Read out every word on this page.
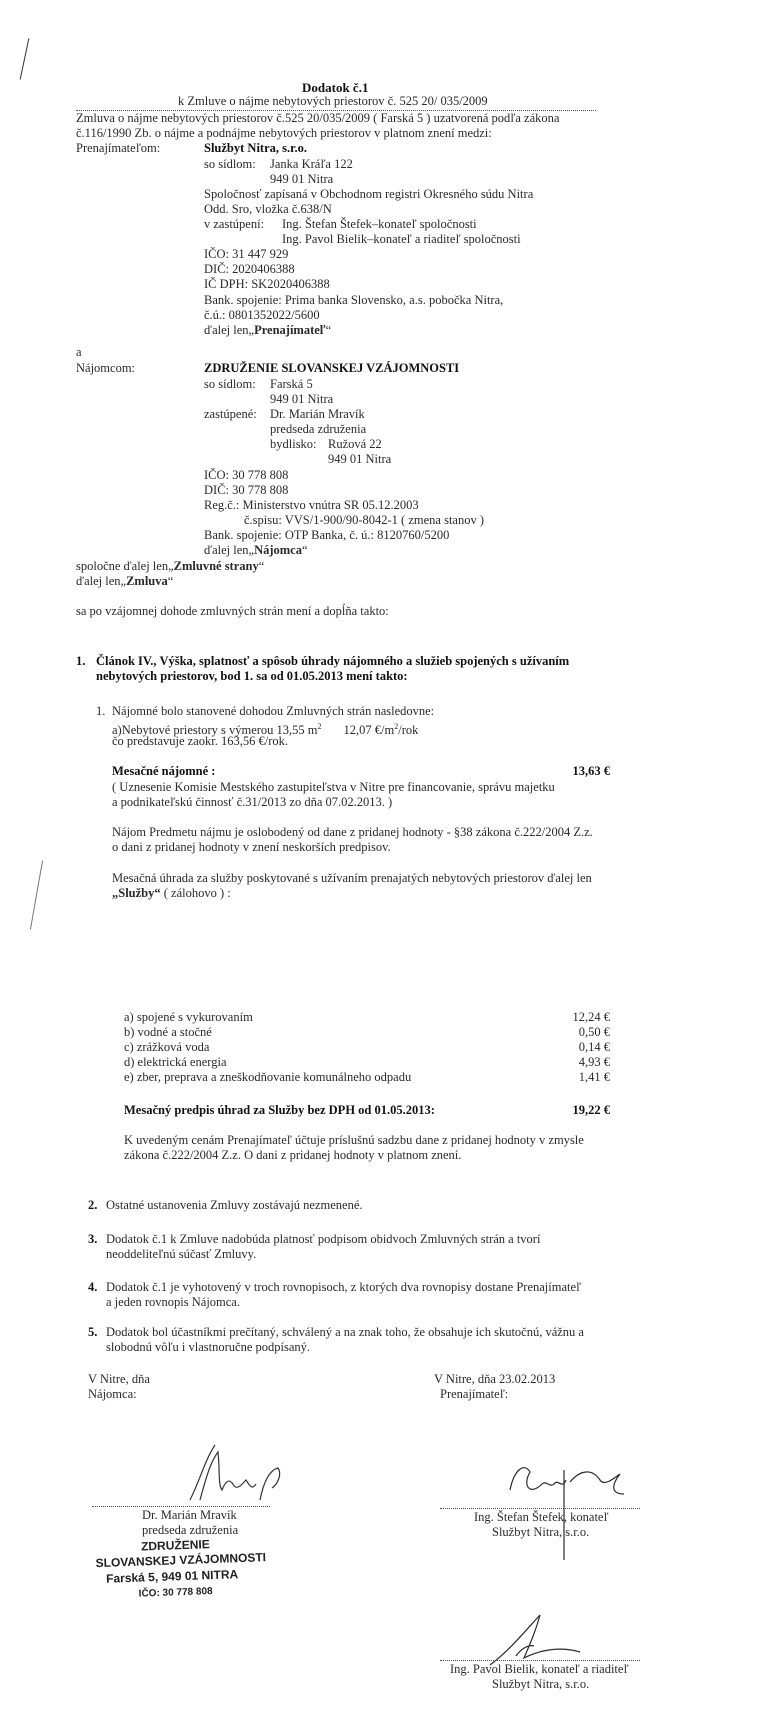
Dodatok č.1
k Zmluve o nájme nebytových priestorov č. 525 20/ 035/2009
Zmluva o nájme nebytových priestorov č.525 20/035/2009 ( Farská 5 ) uzatvorená podľa zákona
č.116/1990 Zb. o nájme a podnájme nebytových priestorov v platnom znení medzi:
Prenajímateľom:	Službyt Nitra, s.r.o.
so sídlom: Janka Kráľa 122
949 01 Nitra
Spoločnosť zapísaná v Obchodnom registri Okresného súdu Nitra
Odd. Sro, vložka č.638/N
v zastúpení: Ing. Štefan Štefek–konateľ spoločnosti
Ing. Pavol Bielik–konateľ a riaditeľ spoločnosti
IČO: 31 447 929
DIČ: 2020406388
IČ DPH: SK2020406388
Bank. spojenie: Prima banka Slovensko, a.s. pobočka Nitra,
č.ú.: 0801352022/5600
ďalej len„Prenajímateľ“
a
Nájomcom:	ZDRUŽENIE SLOVANSKEJ VZÁJOMNOSTI
so sídlom: Farská 5
949 01 Nitra
zastúpené: Dr. Marián Mravík
predseda združenia
bydlisko: Ružová 22
949 01 Nitra
IČO: 30 778 808
DIČ: 30 778 808
Reg.č.: Ministerstvo vnútra SR 05.12.2003
č.spisu: VVS/1-900/90-8042-1 ( zmena stanov )
Bank. spojenie: OTP Banka, č. ú.: 8120760/5200
ďalej len„Nájomca“
spoločne ďalej len„Zmluvné strany“
ďalej len„Zmluva“
sa po vzájomnej dohode zmluvných strán mení a dopĺňa takto:
1. Článok IV., Výška, splatnosť a spôsob úhrady nájomného a služieb spojených s užívaním
nebytových priestorov, bod 1. sa od 01.05.2013 mení takto:
1. Nájomné bolo stanovené dohodou Zmluvných strán nasledovne:
a)Nebytové priestory s výmerou 13,55 $m^2$ 12,07 $€/m^2$/rok
čo predstavuje zaokr. 163,56 €/rok.
Mesačné nájomné :	13,63 €
( Uznesenie Komisie Mestského zastupiteľstva v Nitre pre financovanie, správu majetku
a podnikateľskú činnosť č.31/2013 zo dňa 07.02.2013. )
Nájom Predmetu nájmu je oslobodený od dane z pridanej hodnoty - §38 zákona č.222/2004 Z.z.
o dani z pridanej hodnoty v znení neskorších predpisov.
Mesačná úhrada za služby poskytované s užívaním prenajatých nebytových priestorov ďalej len
„Služby“ ( zálohovo ) :
a) spojené s vykurovaním	12,24 €
b) vodné a stočné	0,50 €
c) zrážková voda	0,14 €
d) elektrická energia	4,93 €
e) zber, preprava a zneškodňovanie komunálneho odpadu	1,41 €
Mesačný predpis úhrad za Služby bez DPH od 01.05.2013:	19,22 €
K uvedeným cenám Prenajímateľ účtuje príslušnú sadzbu dane z pridanej hodnoty v zmysle
zákona č.222/2004 Z.z. O dani z pridanej hodnoty v platnom znení.
2. Ostatné ustanovenia Zmluvy zostávajú nezmenené.
3. Dodatok č.1 k Zmluve nadobúda platnosť podpisom obidvoch Zmluvných strán a tvorí
neoddeliteľnú súčasť Zmluvy.
4. Dodatok č.1 je vyhotovený v troch rovnopisoch, z ktorých dva rovnopisy dostane Prenajímateľ
a jeden rovnopis Nájomca.
5. Dodatok bol účastníkmi prečítaný, schválený a na znak toho, že obsahuje ich skutočnú, vážnu a
slobodnú vôľu i vlastnoručne podpísaný.
V Nitre, dňa
Nájomca:
V Nitre, dňa 23.02.2013
Prenajímateľ:
Dr. Marián Mravík
predseda združenia
ZDRUŽENIE
SLOVANSKEJ VZÁJOMNOSTI
Farská 5, 949 01 NITRA
IČO: 30 778 808
Ing. Štefan Štefek, konateľ
Službyt Nitra, s.r.o.
Ing. Pavol Bielik, konateľ a riaditeľ
Službyt Nitra, s.r.o.
